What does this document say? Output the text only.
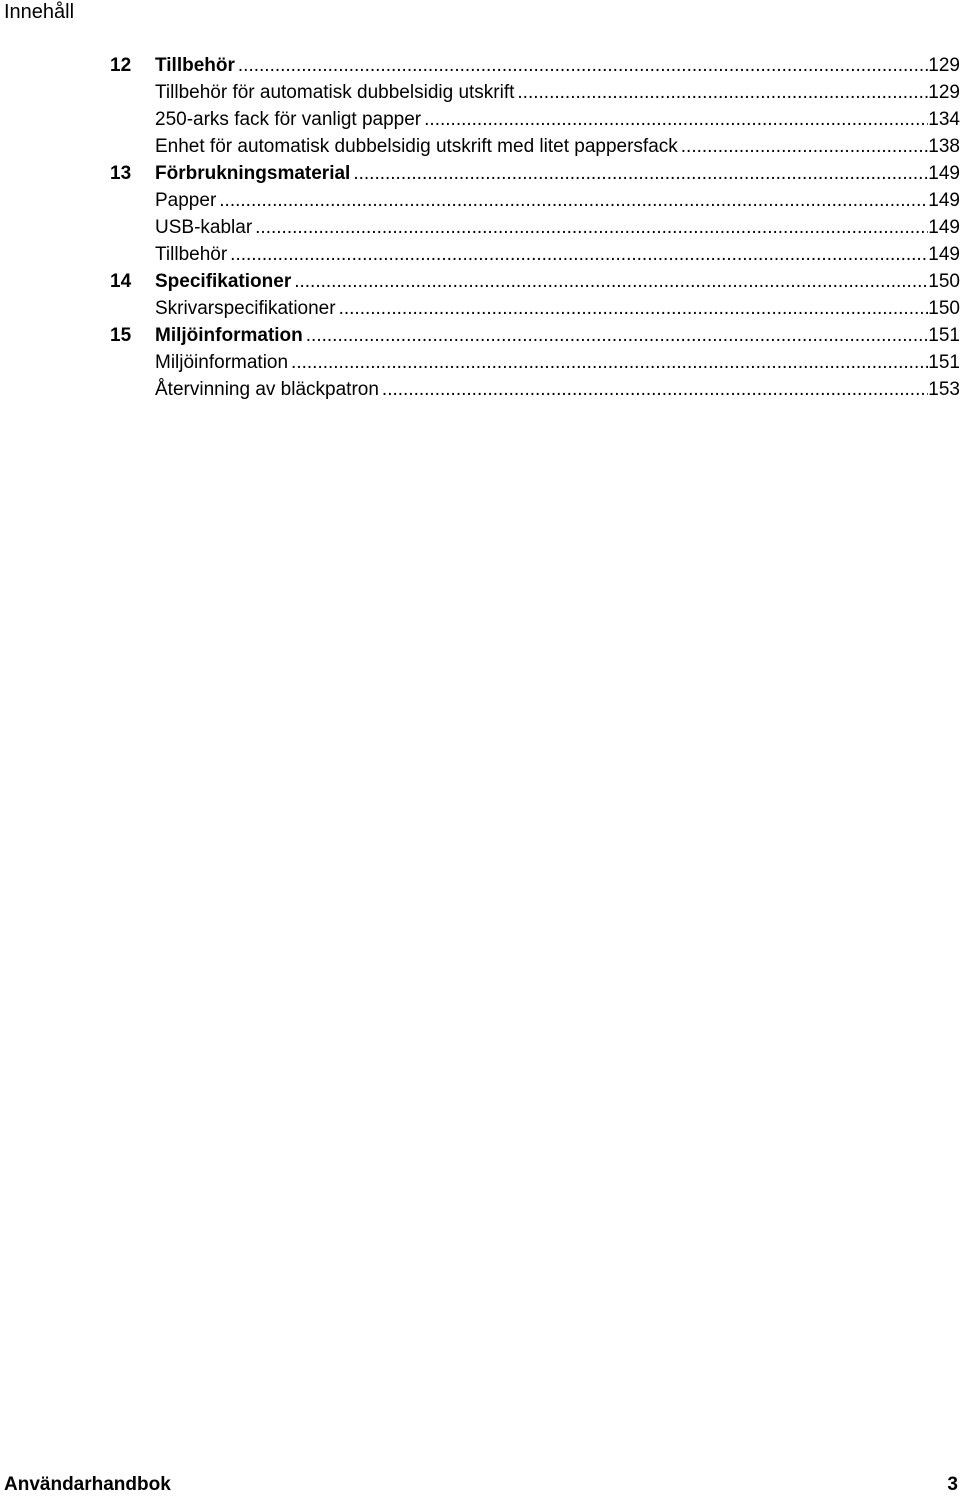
Innehåll
12 Tillbehör .....	129
Tillbehör för automatisk dubbelsidig utskrift .....	129
250-arks fack för vanligt papper .....	134
Enhet för automatisk dubbelsidig utskrift med litet pappersfack .....	138
13 Förbrukningsmaterial .....	149
Papper .....	149
USB-kablar .....	149
Tillbehör .....	149
14 Specifikationer .....	150
Skrivarspecifikationer .....	150
15 Miljöinformation .....	151
Miljöinformation .....	151
Återvinning av bläckpatron .....	153
Användarhandbok	3
